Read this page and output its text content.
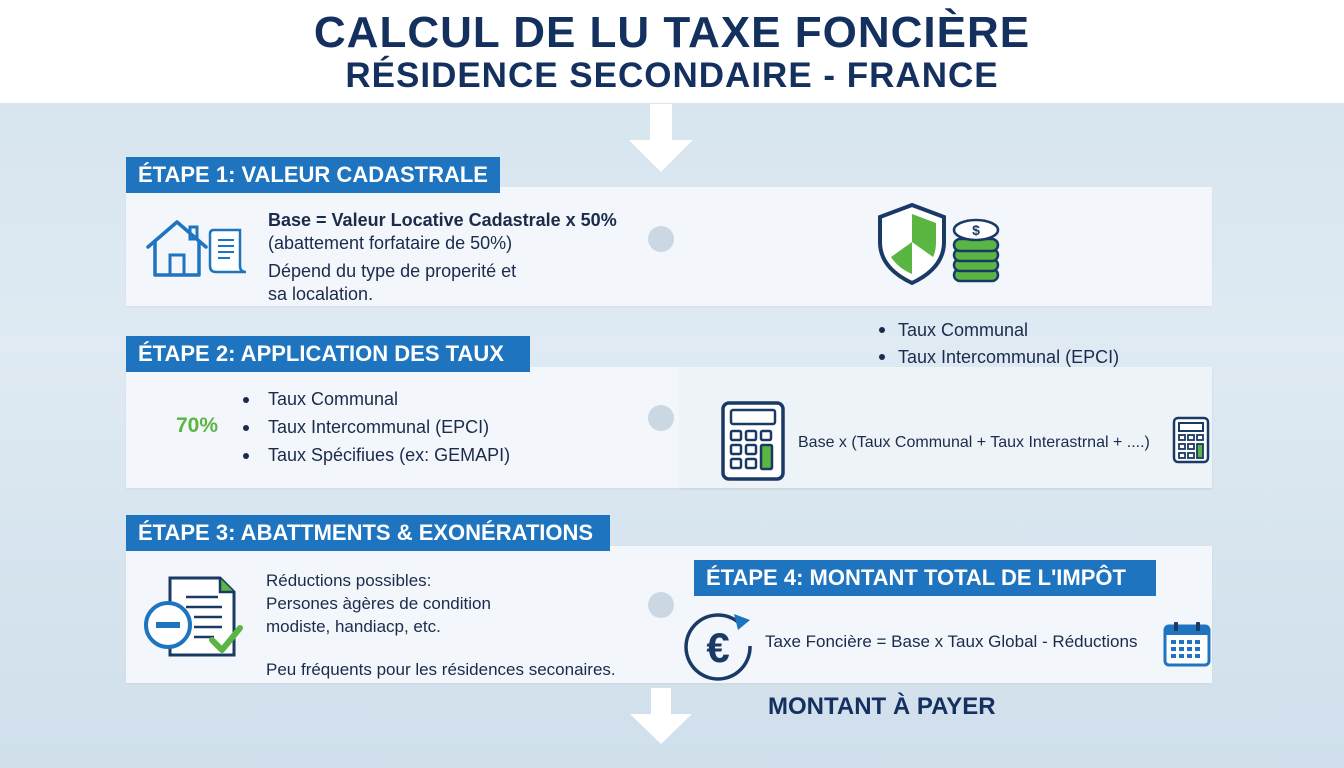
CALCUL DE LU TAXE FONCIÈRE
RÉSIDENCE SECONDAIRE - FRANCE
ÉTAPE 1: VALEUR CADASTRALE
Base = Valeur Locative Cadastrale x 50%
(abattement forfataire de 50%)
Dépend du type de properité et
sa localation.
$
Taux Communal
Taux Intercommunal (EPCI)
ÉTAPE 2: APPLICATION DES TAUX
70%
Taux Communal
Taux Intercommunal (EPCI)
Taux Spécifiues (ex: GEMAPI)
Base x (Taux Communal + Taux Interastrnal + ....)
ÉTAPE 3: ABATTMENTS & EXONÉRATIONS
Réductions possibles:
Persones àgères de condition
modiste, handiacp, etc.
Peu fréquents pour les résidences seconaires.
ÉTAPE 4: MONTANT TOTAL DE L'IMPÔT
€ Taxe Foncière = Base x Taux Global - Réductions
MONTANT À PAYER
